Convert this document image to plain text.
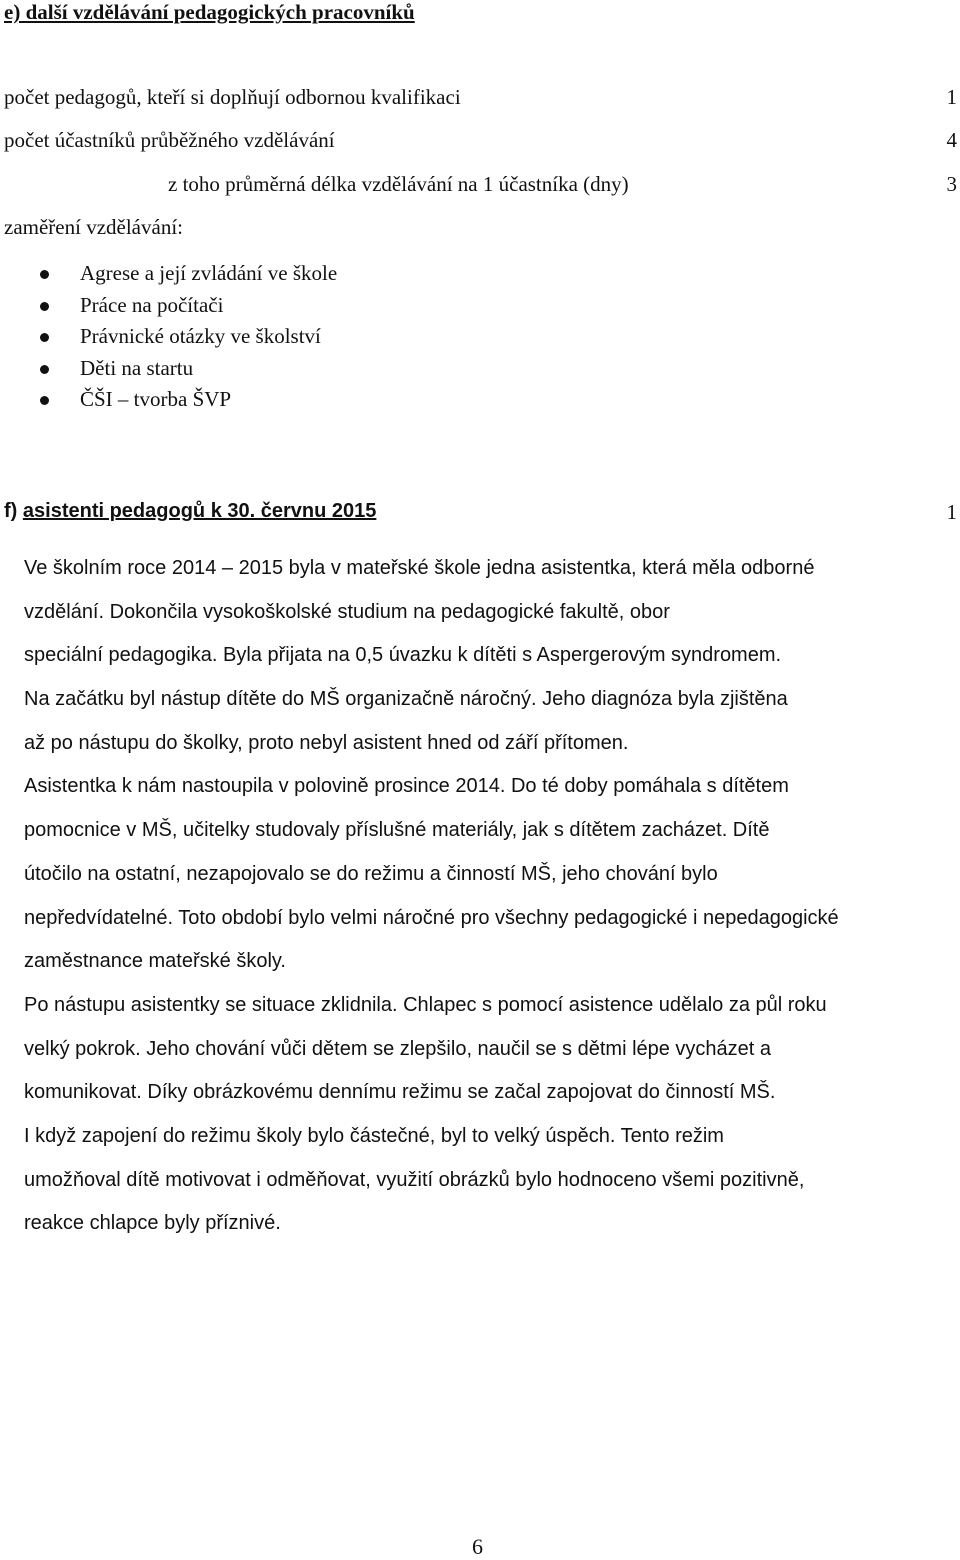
e) další vzdělávání pedagogických pracovníků
počet pedagogů, kteří si doplňují odbornou kvalifikaci	1
počet účastníků průběžného vzdělávání	4
z toho průměrná délka vzdělávání na 1 účastníka (dny)	3
zaměření vzdělávání:
Agrese a její zvládání ve škole
Práce na počítači
Právnické otázky ve školství
Děti na startu
ČŠI – tvorba ŠVP
f) asistenti pedagogů k 30. červnu 2015	1
Ve školním roce 2014 – 2015 byla v mateřské škole jedna asistentka, která měla odborné
vzdělání. Dokončila vysokoškolské studium na pedagogické fakultě, obor
speciální pedagogika. Byla přijata na 0,5 úvazku k dítěti s Aspergerovým syndromem.
Na začátku byl nástup dítěte do MŠ organizačně náročný. Jeho diagnóza byla zjištěna
až po nástupu do školky, proto nebyl asistent hned od září přítomen.
Asistentka k nám nastoupila v polovině prosince 2014. Do té doby pomáhala s dítětem
pomocnice v MŠ, učitelky studovaly příslušné materiály, jak s dítětem zacházet. Dítě
útočilo na ostatní, nezapojovalo se do režimu a činností MŠ, jeho chování bylo
nepředvídatelné. Toto období bylo velmi náročné pro všechny pedagogické i nepedagogické
zaměstnance mateřské školy.
Po nástupu asistentky se situace zklidnila. Chlapec s pomocí asistence udělalo za půl roku
velký pokrok. Jeho chování vůči dětem se zlepšilo, naučil se s dětmi lépe vycházet a
komunikovat. Díky obrázkovému dennímu režimu se začal zapojovat do činností MŠ.
I když zapojení do režimu školy bylo částečné, byl to velký úspěch. Tento režim
umožňoval dítě motivovat i odměňovat, využití obrázků bylo hodnoceno všemi pozitivně,
reakce chlapce byly příznivé.
6
